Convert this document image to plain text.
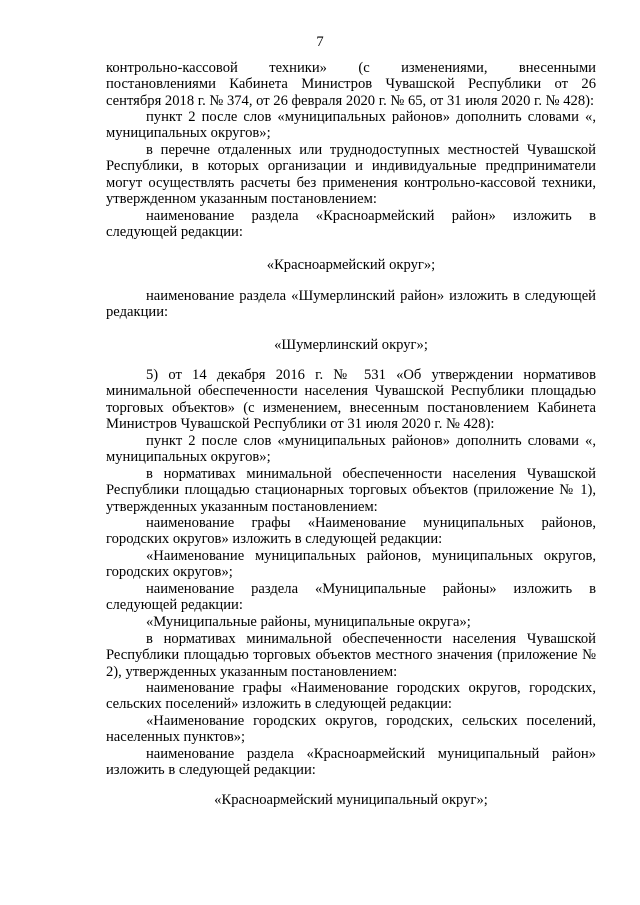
7
контрольно-кассовой техники» (с изменениями, внесенными постановлениями Кабинета Министров Чувашской Республики от 26 сентября 2018 г. № 374, от 26 февраля 2020 г. № 65, от 31 июля 2020 г. № 428):
пункт 2 после слов «муниципальных районов» дополнить словами «, муниципальных округов»;
в перечне отдаленных или труднодоступных местностей Чувашской Республики, в которых организации и индивидуальные предприниматели могут осуществлять расчеты без применения контрольно-кассовой техники, утвержденном указанным постановлением:
наименование раздела «Красноармейский район» изложить в следующей редакции:
«Красноармейский округ»;
наименование раздела «Шумерлинский район» изложить в следующей редакции:
«Шумерлинский округ»;
5) от 14 декабря 2016 г. № 531 «Об утверждении нормативов минимальной обеспеченности населения Чувашской Республики площадью торговых объектов» (с изменением, внесенным постановлением Кабинета Министров Чувашской Республики от 31 июля 2020 г. № 428):
пункт 2 после слов «муниципальных районов» дополнить словами «, муниципальных округов»;
в нормативах минимальной обеспеченности населения Чувашской Республики площадью стационарных торговых объектов (приложение № 1), утвержденных указанным постановлением:
наименование графы «Наименование муниципальных районов, городских округов» изложить в следующей редакции:
«Наименование муниципальных районов, муниципальных округов, городских округов»;
наименование раздела «Муниципальные районы» изложить в следующей редакции:
«Муниципальные районы, муниципальные округа»;
в нормативах минимальной обеспеченности населения Чувашской Республики площадью торговых объектов местного значения (приложение № 2), утвержденных указанным постановлением:
наименование графы «Наименование городских округов, городских, сельских поселений» изложить в следующей редакции:
«Наименование городских округов, городских, сельских поселений, населенных пунктов»;
наименование раздела «Красноармейский муниципальный район» изложить в следующей редакции:
«Красноармейский муниципальный округ»;
